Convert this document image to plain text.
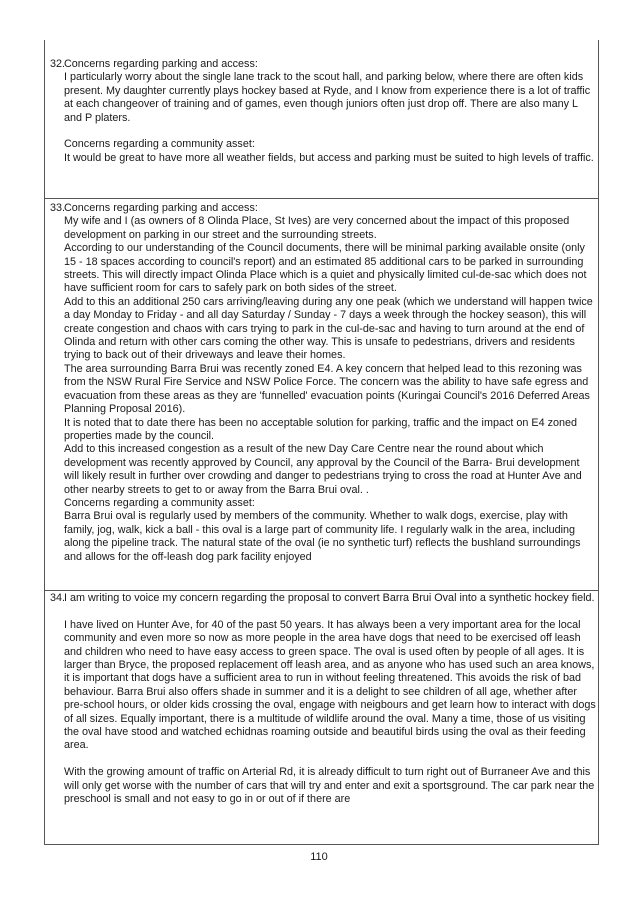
32.

Concerns regarding parking and access:

I particularly worry about the single lane track to the scout hall, and parking below, where there are often kids present. My daughter currently plays hockey based at Ryde, and I know from experience there is a lot of traffic at each changeover of training and of games, even though juniors often just drop off. There are also many L and P platers.

Concerns regarding a community asset:

It would be great to have more all weather fields, but access and parking must be suited to high levels of traffic.

33.

Concerns regarding parking and access:

My wife and I (as owners of 8 Olinda Place, St Ives) are very concerned about the impact of this proposed development on parking in our street and the surrounding streets.

According to our understanding of the Council documents, there will be minimal parking available onsite (only 15 - 18 spaces according to council's report) and an estimated 85 additional cars to be parked in surrounding streets. This will directly impact Olinda Place which is a quiet and physically limited cul-de-sac which does not have sufficient room for cars to safely park on both sides of the street.

Add to this an additional 250 cars arriving/leaving during any one peak (which we understand will happen twice a day Monday to Friday - and all day Saturday / Sunday - 7 days a week through the hockey season), this will create congestion and chaos with cars trying to park in the cul-de-sac and having to turn around at the end of Olinda and return with other cars coming the other way. This is unsafe to pedestrians, drivers and residents trying to back out of their driveways and leave their homes.

The area surrounding Barra Brui was recently zoned E4. A key concern that helped lead to this rezoning was from the NSW Rural Fire Service and NSW Police Force. The concern was the ability to have safe egress and evacuation from these areas as they are 'funnelled' evacuation points (Kuringai Council's 2016 Deferred Areas Planning Proposal 2016).

It is noted that to date there has been no acceptable solution for parking, traffic and the impact on E4 zoned properties made by the council.

Add to this increased congestion as a result of the new Day Care Centre near the round about which development was recently approved by Council, any approval by the Council of the Barra- Brui development will likely result in further over crowding and danger to pedestrians trying to cross the road at Hunter Ave and other nearby streets to get to or away from the Barra Brui oval. .

Concerns regarding a community asset:

Barra Brui oval is regularly used by members of the community. Whether to walk dogs, exercise, play with family, jog, walk, kick a ball - this oval is a large part of community life. I regularly walk in the area, including along the pipeline track. The natural state of the oval (ie no synthetic turf) reflects the bushland surroundings and allows for the off-leash dog park facility enjoyed

34.

I am writing to voice my concern regarding the proposal to convert Barra Brui Oval into a synthetic hockey field.

I have lived on Hunter Ave, for 40 of the past 50 years. It has always been a very important area for the local community and even more so now as more people in the area have dogs that need to be exercised off leash and children who need to have easy access to green space. The oval is used often by people of all ages. It is larger than Bryce, the proposed replacement off leash area, and as anyone who has used such an area knows, it is important that dogs have a sufficient area to run in without feeling threatened. This avoids the risk of bad behaviour. Barra Brui also offers shade in summer and it is a delight to see children of all age, whether after pre-school hours, or older kids crossing the oval, engage with neigbours and get learn how to interact with dogs of all sizes. Equally important, there is a multitude of wildlife around the oval. Many a time, those of us visiting the oval have stood and watched echidnas roaming outside and beautiful birds using the oval as their feeding area.

With the growing amount of traffic on Arterial Rd, it is already difficult to turn right out of Burraneer Ave and this will only get worse with the number of cars that will try and enter and exit a sportsground. The car park near the preschool is small and not easy to go in or out of if there are

110
